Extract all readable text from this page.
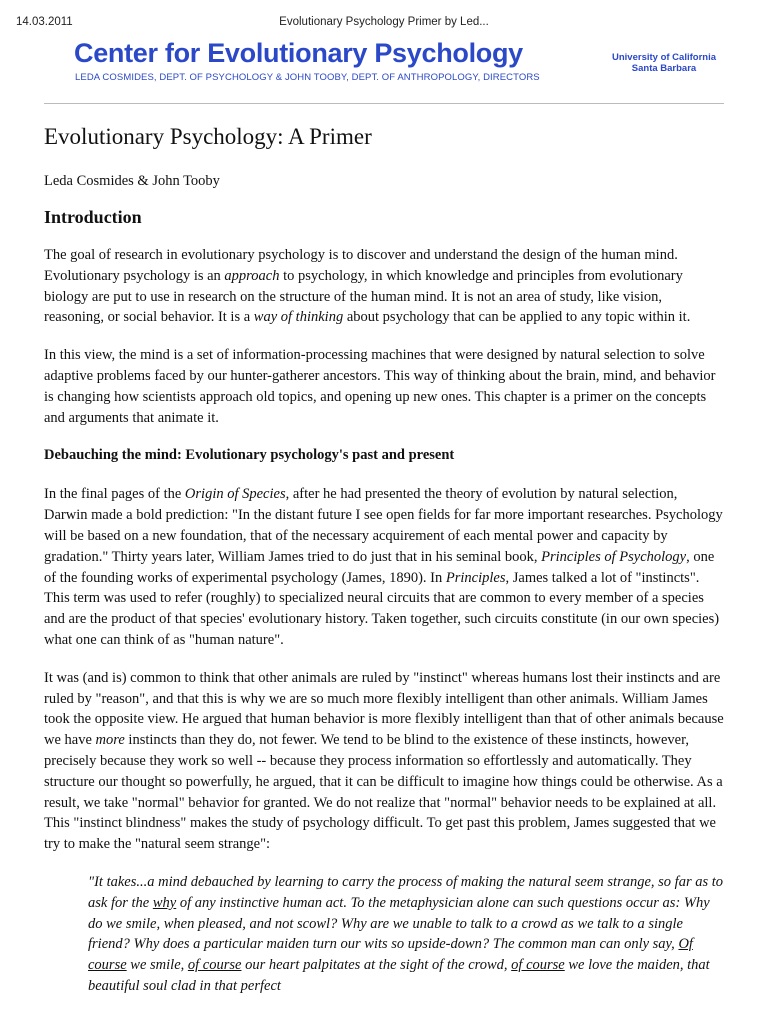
14.03.2011	Evolutionary Psychology Primer by Led...
Center for Evolutionary Psychology
LEDA COSMIDES, DEPT. OF PSYCHOLOGY & JOHN TOOBY, DEPT. OF ANTHROPOLOGY, DIRECTORS
University of California
Santa Barbara
Evolutionary Psychology: A Primer
Leda Cosmides & John Tooby
Introduction

The goal of research in evolutionary psychology is to discover and understand the design of the human mind. Evolutionary psychology is an approach to psychology, in which knowledge and principles from evolutionary biology are put to use in research on the structure of the human mind. It is not an area of study, like vision, reasoning, or social behavior. It is a way of thinking about psychology that can be applied to any topic within it.

In this view, the mind is a set of information-processing machines that were designed by natural selection to solve adaptive problems faced by our hunter-gatherer ancestors. This way of thinking about the brain, mind, and behavior is changing how scientists approach old topics, and opening up new ones. This chapter is a primer on the concepts and arguments that animate it.

Debauching the mind: Evolutionary psychology's past and present

In the final pages of the Origin of Species, after he had presented the theory of evolution by natural selection, Darwin made a bold prediction: "In the distant future I see open fields for far more important researches. Psychology will be based on a new foundation, that of the necessary acquirement of each mental power and capacity by gradation." Thirty years later, William James tried to do just that in his seminal book, Principles of Psychology, one of the founding works of experimental psychology (James, 1890). In Principles, James talked a lot of "instincts". This term was used to refer (roughly) to specialized neural circuits that are common to every member of a species and are the product of that species' evolutionary history. Taken together, such circuits constitute (in our own species) what one can think of as "human nature".

It was (and is) common to think that other animals are ruled by "instinct" whereas humans lost their instincts and are ruled by "reason", and that this is why we are so much more flexibly intelligent than other animals. William James took the opposite view. He argued that human behavior is more flexibly intelligent than that of other animals because we have more instincts than they do, not fewer. We tend to be blind to the existence of these instincts, however, precisely because they work so well -- because they process information so effortlessly and automatically. They structure our thought so powerfully, he argued, that it can be difficult to imagine how things could be otherwise. As a result, we take "normal" behavior for granted. We do not realize that "normal" behavior needs to be explained at all. This "instinct blindness" makes the study of psychology difficult. To get past this problem, James suggested that we try to make the "natural seem strange":

"It takes...a mind debauched by learning to carry the process of making the natural seem strange, so far as to ask for the why of any instinctive human act. To the metaphysician alone can such questions occur as: Why do we smile, when pleased, and not scowl? Why are we unable to talk to a crowd as we talk to a single friend? Why does a particular maiden turn our wits so upside-down? The common man can only say, Of course we smile, of course our heart palpitates at the sight of the crowd, of course we love the maiden, that beautiful soul clad in that perfect
